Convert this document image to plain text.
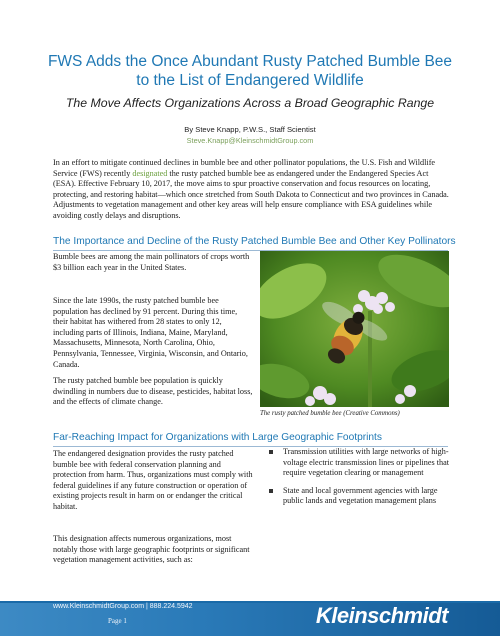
FWS Adds the Once Abundant Rusty Patched Bumble Bee
to the List of Endangered Wildlife
The Move Affects Organizations Across a Broad Geographic Range
By Steve Knapp, P.W.S., Staff Scientist
Steve.Knapp@KleinschmidtGroup.com
In an effort to mitigate continued declines in bumble bee and other pollinator populations, the U.S. Fish and Wildlife Service (FWS) recently designated the rusty patched bumble bee as endangered under the Endangered Species Act (ESA). Effective February 10, 2017, the move aims to spur proactive conservation and focus resources on locating, protecting, and restoring habitat—which once stretched from South Dakota to Connecticut and two provinces in Canada. Adjustments to vegetation management and other key areas will help ensure compliance with ESA guidelines while avoiding costly delays and disruptions.
The Importance and Decline of the Rusty Patched Bumble Bee and Other Key Pollinators
Bumble bees are among the main pollinators of crops worth $3 billion each year in the United States.
Since the late 1990s, the rusty patched bumble bee population has declined by 91 percent. During this time, their habitat has withered from 28 states to only 12, including parts of Illinois, Indiana, Maine, Maryland, Massachusetts, Minnesota, North Carolina, Ohio, Pennsylvania, Tennessee, Virginia, Wisconsin, and Ontario, Canada.
The rusty patched bumble bee population is quickly dwindling in numbers due to disease, pesticides, habitat loss, and the effects of climate change.
The rusty patched bumble bee (Creative Commons)
Far-Reaching Impact for Organizations with Large Geographic Footprints
The endangered designation provides the rusty patched bumble bee with federal conservation planning and protection from harm. Thus, organizations must comply with federal guidelines if any future construction or operation of existing projects result in harm on or endanger the critical habitat.
This designation affects numerous organizations, most notably those with large geographic footprints or significant vegetation management activities, such as:
Transmission utilities with large networks of high-voltage electric transmission lines or pipelines that require vegetation clearing or management
State and local government agencies with large public lands and vegetation management plans
www.KleinschmidtGroup.com | 888.224.5942
Page 1	Kleinschmidt
